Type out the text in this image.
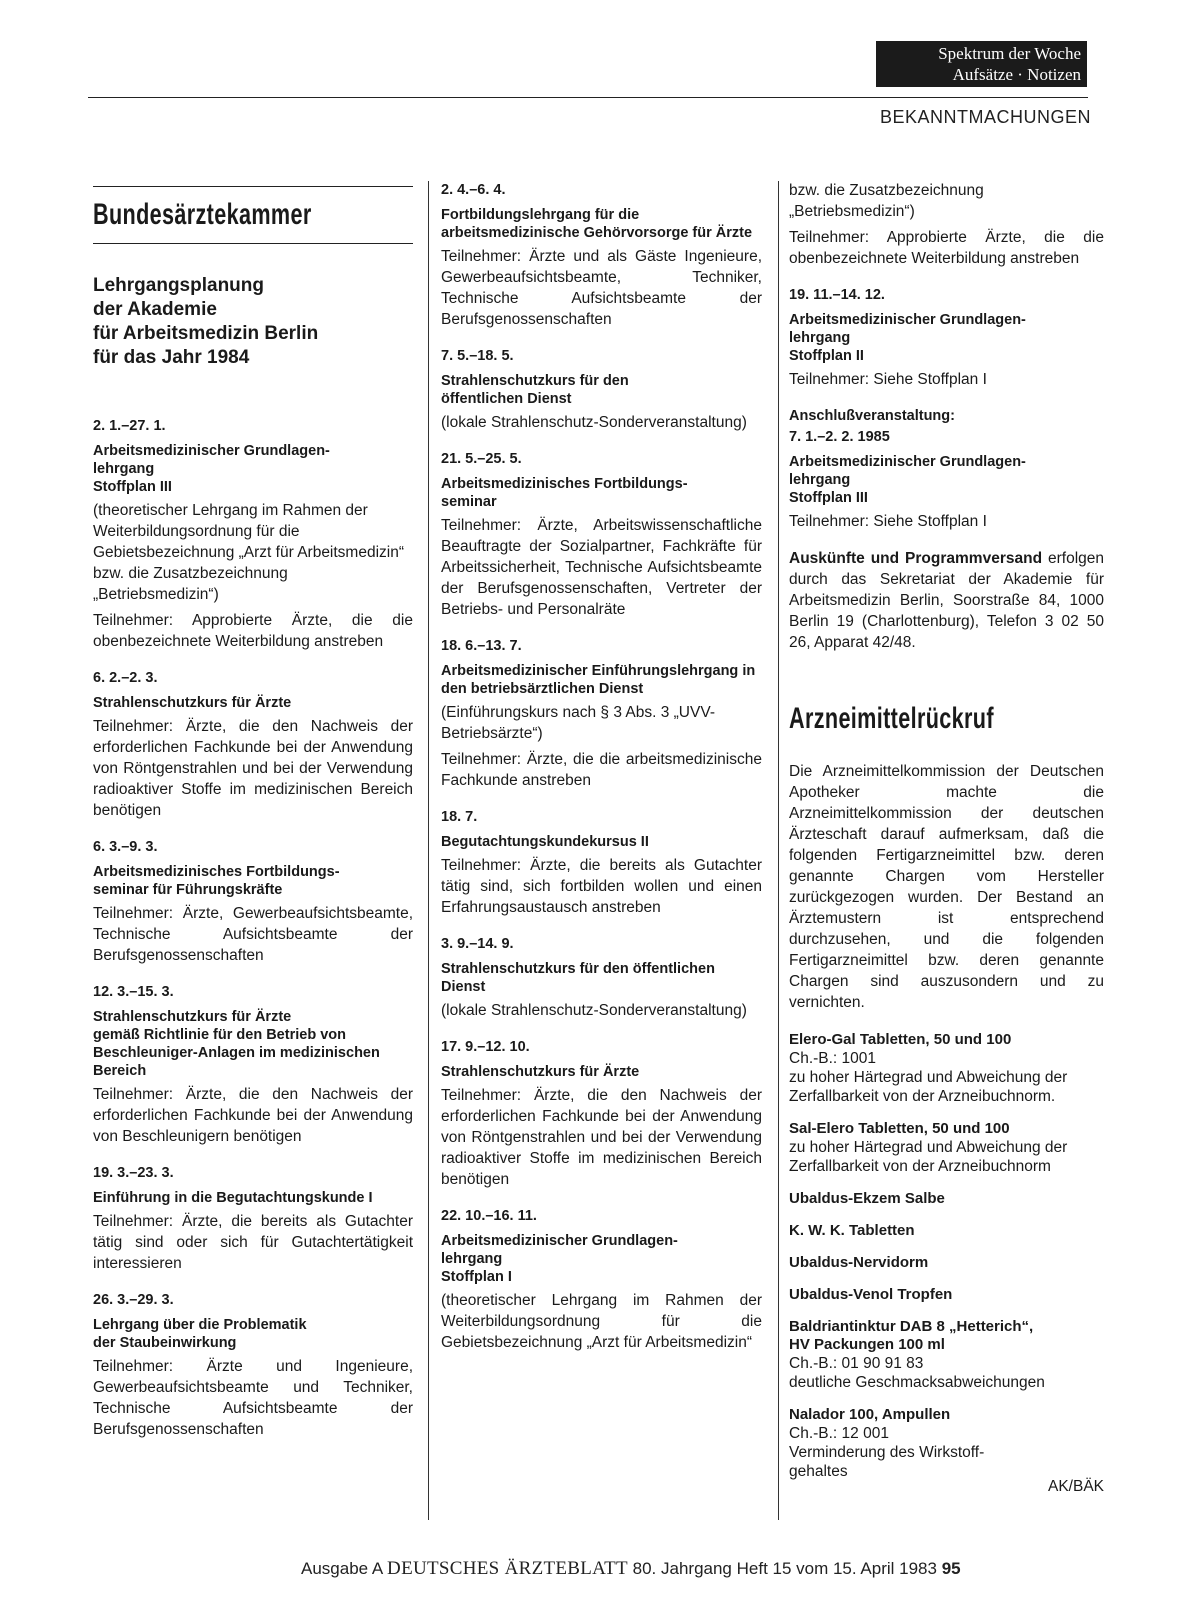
Spektrum der Woche
Aufsätze · Notizen
BEKANNTMACHUNGEN
Bundesärztekammer
Lehrgangsplanung
der Akademie
für Arbeitsmedizin Berlin
für das Jahr 1984
2. 1.–27. 1.
Arbeitsmedizinischer Grundlagen-
lehrgang
Stoffplan III
(theoretischer Lehrgang im Rahmen der Weiterbildungsordnung für die Gebietsbezeichnung „Arzt für Arbeitsmedizin“ bzw. die Zusatzbezeichnung „Betriebsmedizin“)
Teilnehmer: Approbierte Ärzte, die die obenbezeichnete Weiterbildung anstreben
6. 2.–2. 3.
Strahlenschutzkurs für Ärzte
Teilnehmer: Ärzte, die den Nachweis der erforderlichen Fachkunde bei der Anwendung von Röntgenstrahlen und bei der Verwendung radioaktiver Stoffe im medizinischen Bereich benötigen
6. 3.–9. 3.
Arbeitsmedizinisches Fortbildungs-
seminar für Führungskräfte
Teilnehmer: Ärzte, Gewerbeaufsichtsbeamte, Technische Aufsichtsbeamte der Berufsgenossenschaften
12. 3.–15. 3.
Strahlenschutzkurs für Ärzte
gemäß Richtlinie für den Betrieb von Beschleuniger-Anlagen im medizinischen Bereich
Teilnehmer: Ärzte, die den Nachweis der erforderlichen Fachkunde bei der Anwendung von Beschleunigern benötigen
19. 3.–23. 3.
Einführung in die Begutachtungskunde I
Teilnehmer: Ärzte, die bereits als Gutachter tätig sind oder sich für Gutachtertätigkeit interessieren
26. 3.–29. 3.
Lehrgang über die Problematik
der Staubeinwirkung
Teilnehmer: Ärzte und Ingenieure, Gewerbeaufsichtsbeamte und Techniker, Technische Aufsichtsbeamte der Berufsgenossenschaften
2. 4.–6. 4.
Fortbildungslehrgang für die arbeitsmedizinische Gehörvorsorge für Ärzte
Teilnehmer: Ärzte und als Gäste Ingenieure, Gewerbeaufsichtsbeamte, Techniker, Technische Aufsichtsbeamte der Berufsgenossenschaften
7. 5.–18. 5.
Strahlenschutzkurs für den
öffentlichen Dienst
(lokale Strahlenschutz-Sonderveranstaltung)
21. 5.–25. 5.
Arbeitsmedizinisches Fortbildungs-
seminar
Teilnehmer: Ärzte, Arbeitswissenschaftliche Beauftragte der Sozialpartner, Fachkräfte für Arbeitssicherheit, Technische Aufsichtsbeamte der Berufsgenossenschaften, Vertreter der Betriebs- und Personalräte
18. 6.–13. 7.
Arbeitsmedizinischer Einführungslehrgang in den betriebsärztlichen Dienst
(Einführungskurs nach § 3 Abs. 3 „UVV-Betriebsärzte“)
Teilnehmer: Ärzte, die die arbeitsmedizinische Fachkunde anstreben
18. 7.
Begutachtungskundekursus II
Teilnehmer: Ärzte, die bereits als Gutachter tätig sind, sich fortbilden wollen und einen Erfahrungsaustausch anstreben
3. 9.–14. 9.
Strahlenschutzkurs für den öffentlichen Dienst
(lokale Strahlenschutz-Sonderveranstaltung)
17. 9.–12. 10.
Strahlenschutzkurs für Ärzte
Teilnehmer: Ärzte, die den Nachweis der erforderlichen Fachkunde bei der Anwendung von Röntgenstrahlen und bei der Verwendung radioaktiver Stoffe im medizinischen Bereich benötigen
22. 10.–16. 11.
Arbeitsmedizinischer Grundlagen-
lehrgang
Stoffplan I
(theoretischer Lehrgang im Rahmen der Weiterbildungsordnung für die Gebietsbezeichnung „Arzt für Arbeitsmedizin“
bzw. die Zusatzbezeichnung „Betriebsmedizin“)
Teilnehmer: Approbierte Ärzte, die die obenbezeichnete Weiterbildung anstreben
19. 11.–14. 12.
Arbeitsmedizinischer Grundlagen-
lehrgang
Stoffplan II
Teilnehmer: Siehe Stoffplan I
Anschlußveranstaltung:
7. 1.–2. 2. 1985
Arbeitsmedizinischer Grundlagen-
lehrgang
Stoffplan III
Teilnehmer: Siehe Stoffplan I
Auskünfte und Programmversand erfolgen durch das Sekretariat der Akademie für Arbeitsmedizin Berlin, Soorstraße 84, 1000 Berlin 19 (Charlottenburg), Telefon 3 02 50 26, Apparat 42/48.
Arzneimittelrückruf
Die Arzneimittelkommission der Deutschen Apotheker machte die Arzneimittelkommission der deutschen Ärzteschaft darauf aufmerksam, daß die folgenden Fertigarzneimittel bzw. deren genannte Chargen vom Hersteller zurückgezogen wurden. Der Bestand an Ärztemustern ist entsprechend durchzusehen, und die folgenden Fertigarzneimittel bzw. deren genannte Chargen sind auszusondern und zu vernichten.
Elero-Gal Tabletten, 50 und 100
Ch.-B.: 1001
zu hoher Härtegrad und Abweichung der Zerfallbarkeit von der Arzneibuchnorm.
Sal-Elero Tabletten, 50 und 100
zu hoher Härtegrad und Abweichung der Zerfallbarkeit von der Arzneibuchnorm
Ubaldus-Ekzem Salbe
K. W. K. Tabletten
Ubaldus-Nervidorm
Ubaldus-Venol Tropfen
Baldriantinktur DAB 8 „Hetterich“,
HV Packungen 100 ml
Ch.-B.: 01 90 91 83
deutliche Geschmacksabweichungen
Nalador 100, Ampullen
Ch.-B.: 12 001
Verminderung des Wirkstoff-
gehaltes
AK/BÄK
Ausgabe A DEUTSCHES ÄRZTEBLATT 80. Jahrgang Heft 15 vom 15. April 1983 95
